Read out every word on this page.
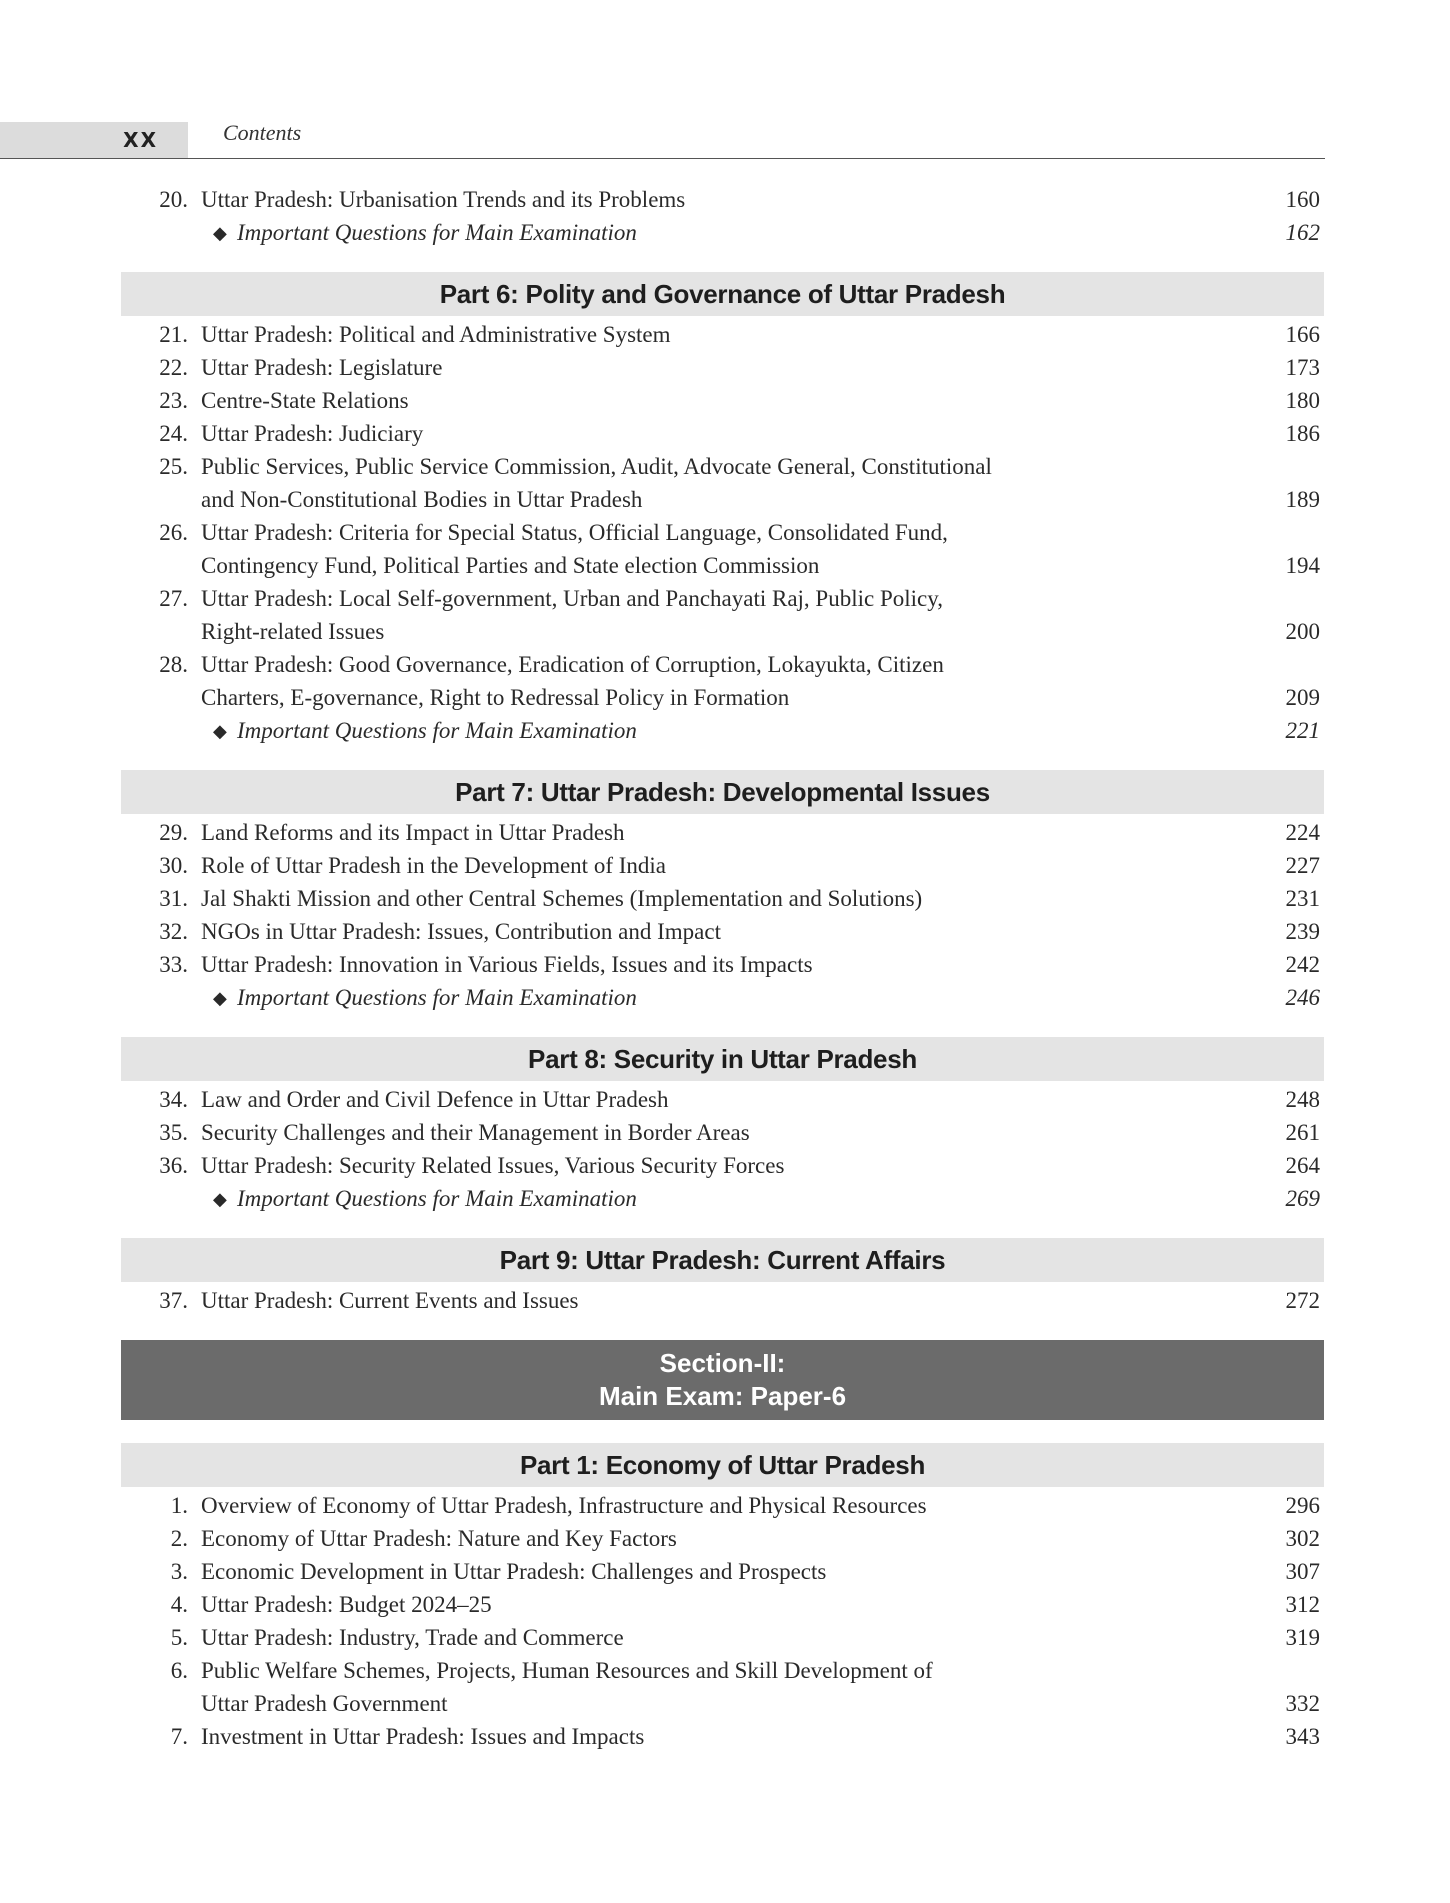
XX	Contents
20. Uttar Pradesh: Urbanisation Trends and its Problems	160
◆ Important Questions for Main Examination	162
Part 6: Polity and Governance of Uttar Pradesh
21. Uttar Pradesh: Political and Administrative System	166
22. Uttar Pradesh: Legislature	173
23. Centre-State Relations	180
24. Uttar Pradesh: Judiciary	186
25. Public Services, Public Service Commission, Audit, Advocate General, Constitutional
and Non-Constitutional Bodies in Uttar Pradesh	189
26. Uttar Pradesh: Criteria for Special Status, Official Language, Consolidated Fund,
Contingency Fund, Political Parties and State election Commission	194
27. Uttar Pradesh: Local Self-government, Urban and Panchayati Raj, Public Policy,
Right-related Issues	200
28. Uttar Pradesh: Good Governance, Eradication of Corruption, Lokayukta, Citizen
Charters, E-governance, Right to Redressal Policy in Formation	209
◆ Important Questions for Main Examination	221
Part 7: Uttar Pradesh: Developmental Issues
29. Land Reforms and its Impact in Uttar Pradesh	224
30. Role of Uttar Pradesh in the Development of India	227
31. Jal Shakti Mission and other Central Schemes (Implementation and Solutions)	231
32. NGOs in Uttar Pradesh: Issues, Contribution and Impact	239
33. Uttar Pradesh: Innovation in Various Fields, Issues and its Impacts	242
◆ Important Questions for Main Examination	246
Part 8: Security in Uttar Pradesh
34. Law and Order and Civil Defence in Uttar Pradesh	248
35. Security Challenges and their Management in Border Areas	261
36. Uttar Pradesh: Security Related Issues, Various Security Forces	264
◆ Important Questions for Main Examination	269
Part 9: Uttar Pradesh: Current Affairs
37. Uttar Pradesh: Current Events and Issues	272
Section-II:
Main Exam: Paper-6
Part 1: Economy of Uttar Pradesh
1. Overview of Economy of Uttar Pradesh, Infrastructure and Physical Resources	296
2. Economy of Uttar Pradesh: Nature and Key Factors	302
3. Economic Development in Uttar Pradesh: Challenges and Prospects	307
4. Uttar Pradesh: Budget 2024–25	312
5. Uttar Pradesh: Industry, Trade and Commerce	319
6. Public Welfare Schemes, Projects, Human Resources and Skill Development of
Uttar Pradesh Government	332
7. Investment in Uttar Pradesh: Issues and Impacts	343
